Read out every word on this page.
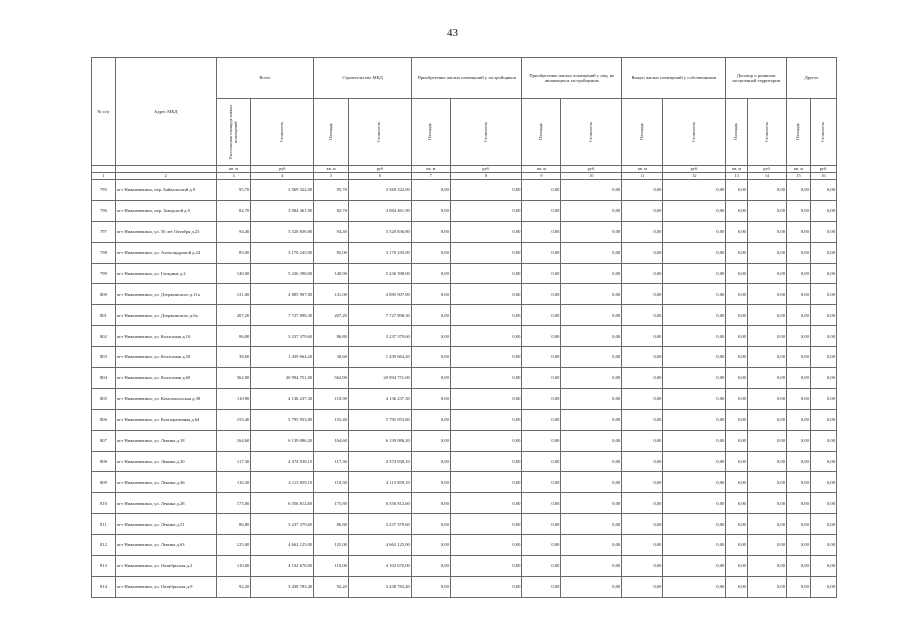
43
№ п/п	Адрес МКД	Всего		Строительство МКД		Приобретение жилых помещений у застройщиков		Приобретение жилых помещений у лиц, не являющихся застройщиком		Выкуп жилых помещений у собственников		Договор о развитии застроенной территории		Другое	

		Расселяемая площадь жилых помещений	Стоимость	Площадь	Стоимость	Площадь	Стоимость	Площадь	Стоимость	Площадь	Стоимость	Площадь	Стоимость	Площадь	Стоимость

		кв. м	руб	кв. м	руб	кв. м	руб.	кв. м	руб.	кв. м	руб.	кв. м	руб.	кв. м	руб.
1	2	3	4	5	6	7	8	9	10	11	12	13	14	15	16
795	пгт Нижнеивкино, пер. Байкальский д.9	95,70	3 569 322,00	95,70	3 569 322,00	0,00	0,00	0,00	0,00	0,00	0,00	0,00	0,00	0,00	0,00
796	пгт Нижнеивкино, пер. Заводской д.9	82,70	3 084 461,90	82,70	3 084 461,90	0,00	0,00	0,00	0,00	0,00	0,00	0,00	0,00	0,00	0,00
797	пгт Нижнеивкино, ул. 50 лет Октября д.25	94,40	3 520 836,80	94,40	3 520 836,80	0,00	0,00	0,00	0,00	0,00	0,00	0,00	0,00	0,00	0,00
798	пгт Нижнеивкино, ул. Александровой д.24	85,00	3 170 245,00	85,00	3 170 245,00	0,00	0,00	0,00	0,00	0,00	0,00	0,00	0,00	0,00	0,00
799	пгт Нижнеивкино, ул. Гагарина д.2	140,90	5 236 398,00	140,90	5 236 398,00	0,00	0,00	0,00	0,00	0,00	0,00	0,00	0,00	0,00	0,00
800	пгт Нижнеивкино, ул. Дзержинского д.11а	131,00	4 885 907,00	131,00	4 885 907,00	0,00	0,00	0,00	0,00	0,00	0,00	0,00	0,00	0,00	0,00
801	пгт Нижнеивкино, ул. Дзержинского д.6а	207,20	7 727 898,30	207,20	7 727 898,30	0,00	0,00	0,00	0,00	0,00	0,00	0,00	0,00	0,00	0,00
802	пгт Нижнеивкино, ул. Колхозная д.10	86,80	3 237 379,60	86,80	3 237 379,60	0,00	0,00	0,00	0,00	0,00	0,00	0,00	0,00	0,00	0,00
803	пгт Нижнеивкино, ул. Колхозная д.50	38,60	1 439 664,20	38,60	1 439 664,20	0,00	0,00	0,00	0,00	0,00	0,00	0,00	0,00	0,00	0,00
804	пгт Нижнеивкино, ул. Колхозная д.60	562,90	20 994 751,00	562,90	20 994 751,00	0,00	0,00	0,00	0,00	0,00	0,00	0,00	0,00	0,00	0,00
805	пгт Нижнеивкино, ул. Комсомольская д.38	110,90	4 136 237,30	110,90	4 136 237,30	0,00	0,00	0,00	0,00	0,00	0,00	0,00	0,00	0,00	0,00
806	пгт Нижнеивкино, ул. Кооперативная д.64	155,40	5 795 953,80	155,40	5 795 953,80	0,00	0,00	0,00	0,00	0,00	0,00	0,00	0,00	0,00	0,00
807	пгт Нижнеивкино, ул. Ленина д.18	164,60	6 139 086,20	164,60	6 139 086,20	0,00	0,00	0,00	0,00	0,00	0,00	0,00	0,00	0,00	0,00
808	пгт Нижнеивкино, ул. Ленина д.20	117,30	4 374 938,10	117,30	4 374 938,10	0,00	0,00	0,00	0,00	0,00	0,00	0,00	0,00	0,00	0,00
809	пгт Нижнеивкино, ул. Ленина д.26	110,30	4 113 859,10	110,30	4 113 859,10	0,00	0,00	0,00	0,00	0,00	0,00	0,00	0,00	0,00	0,00
810	пгт Нижнеивкино, ул. Ленина д.28	175,80	6 556 812,60	175,80	6 556 812,60	0,00	0,00	0,00	0,00	0,00	0,00	0,00	0,00	0,00	0,00
811	пгт Нижнеивкино, ул. Ленина д.51	86,80	3 237 379,60	86,80	3 237 379,60	0,00	0,00	0,00	0,00	0,00	0,00	0,00	0,00	0,00	0,00
812	пгт Нижнеивкино, ул. Ленина д.63	125,00	4 662 125,00	125,00	4 662 125,00	0,00	0,00	0,00	0,00	0,00	0,00	0,00	0,00	0,00	0,00
813	пгт Нижнеивкино, ул. Октябрьская д.2	110,00	4 102 670,00	110,00	4 102 670,00	0,00	0,00	0,00	0,00	0,00	0,00	0,00	0,00	0,00	0,00
814	пгт Нижнеивкино, ул. Октябрьская д.9	92,20	3 438 783,40	92,20	3 438 783,40	0,00	0,00	0,00	0,00	0,00	0,00	0,00	0,00	0,00	0,00
